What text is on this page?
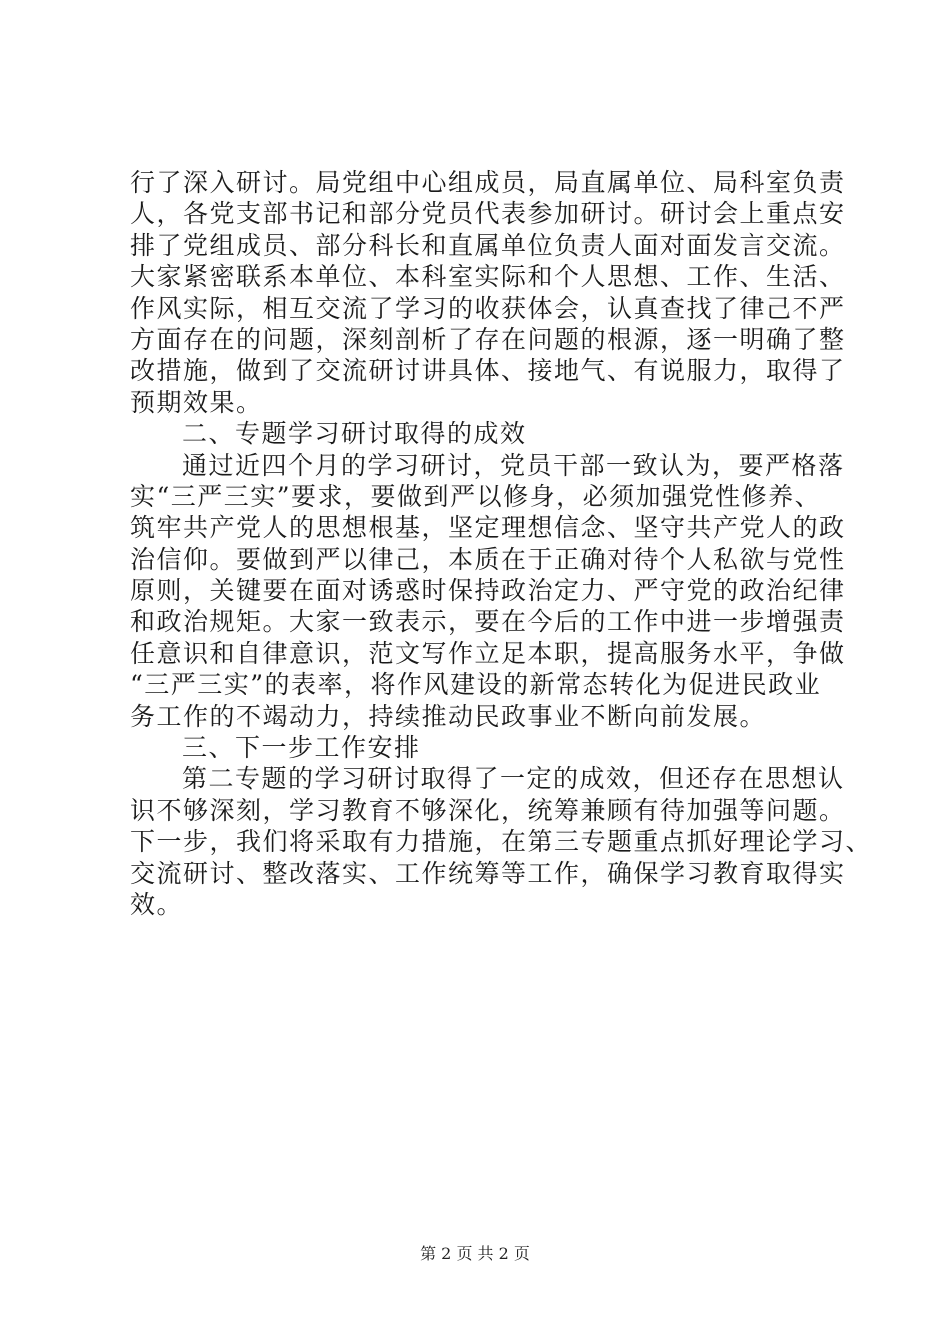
行了深入研讨。局党组中心组成员，局直属单位、局科室负责
人，各党支部书记和部分党员代表参加研讨。研讨会上重点安
排了党组成员、部分科长和直属单位负责人面对面发言交流。
大家紧密联系本单位、本科室实际和个人思想、工作、生活、
作风实际，相互交流了学习的收获体会，认真查找了律己不严
方面存在的问题，深刻剖析了存在问题的根源，逐一明确了整
改措施，做到了交流研讨讲具体、接地气、有说服力，取得了
预期效果。
二、专题学习研讨取得的成效
通过近四个月的学习研讨，党员干部一致认为，要严格落
实“三严三实”要求，要做到严以修身，必须加强党性修养、
筑牢共产党人的思想根基，坚定理想信念、坚守共产党人的政
治信仰。要做到严以律己，本质在于正确对待个人私欲与党性
原则，关键要在面对诱惑时保持政治定力、严守党的政治纪律
和政治规矩。大家一致表示，要在今后的工作中进一步增强责
任意识和自律意识，范文写作立足本职，提高服务水平，争做
“三严三实”的表率，将作风建设的新常态转化为促进民政业
务工作的不竭动力，持续推动民政事业不断向前发展。
三、下一步工作安排
第二专题的学习研讨取得了一定的成效，但还存在思想认
识不够深刻，学习教育不够深化，统筹兼顾有待加强等问题。
下一步，我们将采取有力措施，在第三专题重点抓好理论学习、
交流研讨、整改落实、工作统筹等工作，确保学习教育取得实
效。
第 2 页 共 2 页
